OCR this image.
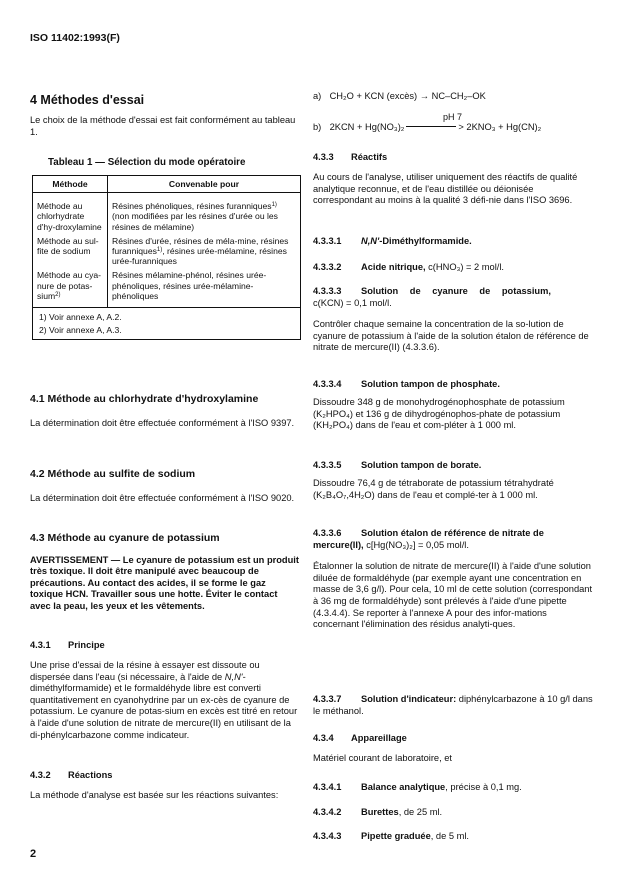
ISO 11402:1993(F)
4 Méthodes d'essai

Le choix de la méthode d'essai est fait conformément au tableau 1.

Tableau 1 — Sélection du mode opératoire
Méthode	Convenable pour
Méthode au chlorhydrate d'hy-droxylamine	Résines phénoliques, résines furanniques$^{1)}$ (non modifiées par les résines d'urée ou les résines de mélamine)
Méthode au sul-fite de sodium	Résines d'urée, résines de méla-mine, résines furanniques$^{1)}$, résines urée-mélamine, résines urée-furanniques
Méthode au cya-nure de potas-sium$^{2)}$	Résines mélamine-phénol, résines urée-phénoliques, résines urée-mélamine-phénoliques

1) Voir annexe A, A.2.
2) Voir annexe A, A.3.	
4.1 Méthode au chlorhydrate d'hydroxylamine

La détermination doit être effectuée conformément à l'ISO 9397.

4.2 Méthode au sulfite de sodium

La détermination doit être effectuée conformément à l'ISO 9020.

4.3 Méthode au cyanure de potassium
AVERTISSEMENT — Le cyanure de potassium est un produit très toxique. Il doit être manipulé avec beaucoup de précautions. Au contact des acides, il se forme le gaz toxique HCN. Travailler sous une hotte. Éviter le contact avec la peau, les yeux et les vêtements.
4.3.1 Principe

Une prise d'essai de la résine à essayer est dissoute ou dispersée dans l'eau (si nécessaire, à l'aide de N,N'-diméthylformamide) et le formaldéhyde libre est converti quantitativement en cyanohydrine par un ex-cès de cyanure de potassium. Le cyanure de potas-sium en excès est titré en retour à l'aide d'une solution de nitrate de mercure(II) en utilisant de la di-phénylcarbazone comme indicateur.

4.3.2 Réactions

La méthode d'analyse est basée sur les réactions suivantes:

2
a) CH₂O + KCN (excès) → NC–CH₂–OK
pH 7
b) 2KCN + Hg(NO₃)₂	> 2KNO₃ + Hg(CN)₂
4.3.3 Réactifs

Au cours de l'analyse, utiliser uniquement des réactifs de qualité analytique reconnue, et de l'eau distillée ou déionisée correspondant au moins à la qualité 3 défi-nie dans l'ISO 3696.

4.3.3.1 N,N'-Diméthylformamide.

4.3.3.2 Acide nitrique, c(HNO₃) = 2 mol/l.

4.3.3.3 Solution de cyanure de potassium,

c(KCN) = 0,1 mol/l.

Contrôler chaque semaine la concentration de la so-lution de cyanure de potassium à l'aide de la solution étalon de référence de nitrate de mercure(II) (4.3.3.6).

4.3.3.4 Solution tampon de phosphate.

Dissoudre 348 g de monohydrogénophosphate de potassium (K₂HPO₄) et 136 g de dihydrogénophos-phate de potassium (KH₂PO₄) dans de l'eau et com-pléter à 1 000 ml.

4.3.3.5 Solution tampon de borate.

Dissoudre 76,4 g de tétraborate de potassium tétrahydraté (K₂B₄O₇,4H₂O) dans de l'eau et complé-ter à 1 000 ml.

4.3.3.6 Solution étalon de référence de nitrate de mercure(II), c[Hg(NO₃)₂] = 0,05 mol/l.

Étalonner la solution de nitrate de mercure(II) à l'aide d'une solution diluée de formaldéhyde (par exemple ayant une concentration en masse de 3,6 g/l). Pour cela, 10 ml de cette solution (correspondant à 36 mg de formaldéhyde) sont prélevés à l'aide d'une pipette (4.3.4.4). Se reporter à l'annexe A pour des infor-mations concernant l'élimination des résidus analyti-ques.

4.3.3.7 Solution d'indicateur: diphénylcarbazone à 10 g/l dans le méthanol.

4.3.4 Appareillage

Matériel courant de laboratoire, et

4.3.4.1 Balance analytique, précise à 0,1 mg.

4.3.4.2 Burettes, de 25 ml.

4.3.4.3 Pipette graduée, de 5 ml.
